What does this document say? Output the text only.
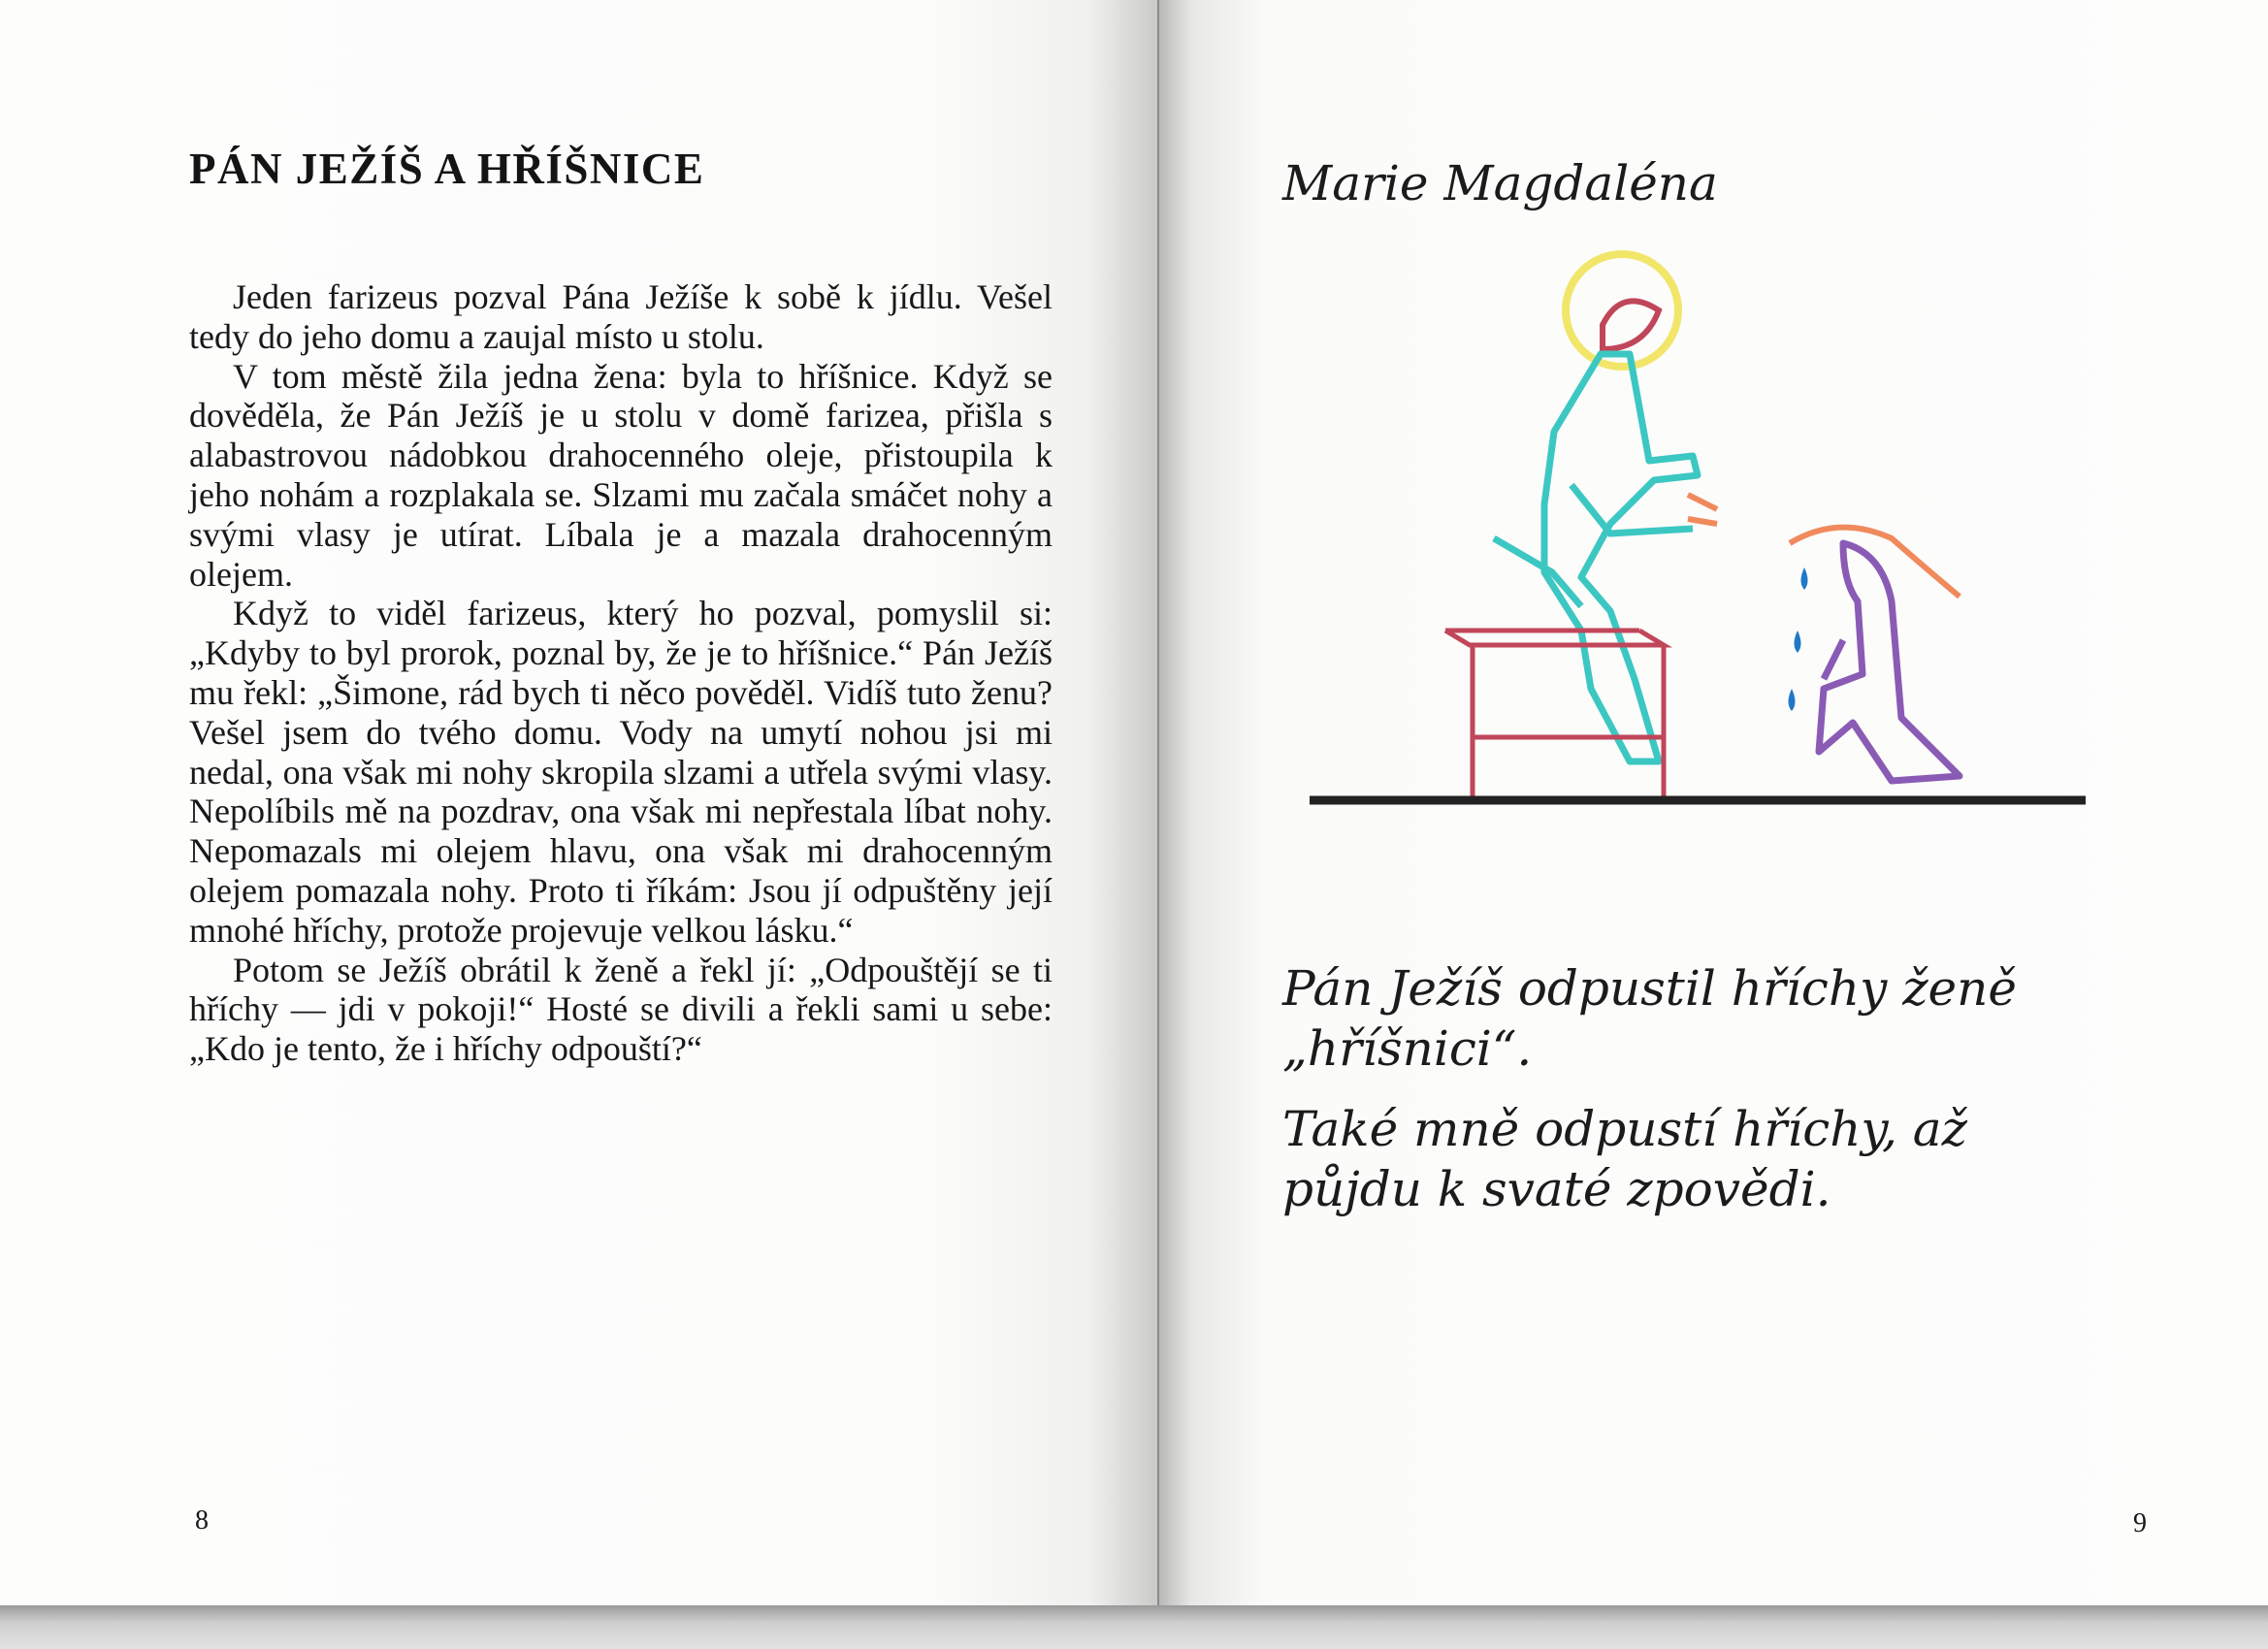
PÁN JEŽÍŠ A HŘÍŠNICE

Jeden farizeus pozval Pána Ježíše k sobě k jídlu. Vešel tedy do jeho domu a zaujal místo u stolu.

V tom městě žila jedna žena: byla to hříšnice. Když se dověděla, že Pán Ježíš je u stolu v domě farizea, přišla s alabastrovou nádobkou drahocenného oleje, přistoupila k jeho nohám a rozplakala se. Slzami mu začala smáčet nohy a svými vlasy je utírat. Líbala je a mazala drahocenným olejem.

Když to viděl farizeus, který ho pozval, pomyslil si: „Kdyby to byl prorok, poznal by, že je to hříšnice.“ Pán Ježíš mu řekl: „Šimone, rád bych ti něco pověděl. Vidíš tuto ženu? Vešel jsem do tvého domu. Vody na umytí nohou jsi mi nedal, ona však mi nohy skropila slzami a utřela svými vlasy. Nepolíbils mě na pozdrav, ona však mi nepřestala líbat nohy. Nepomazals mi olejem hlavu, ona však mi drahocenným olejem pomazala nohy. Proto ti říkám: Jsou jí odpuštěny její mnohé hříchy, protože projevuje velkou lásku.“

Potom se Ježíš obrátil k ženě a řekl jí: „Odpouštějí se ti hříchy — jdi v pokoji!“ Hosté se divili a řekli sami u sebe: „Kdo je tento, že i hříchy odpouští?“

8
Marie Magdaléna
Pán Ježíš odpustil hříchy ženě
„hříšnici“.
Také mně odpustí hříchy, až
půjdu k svaté zpovědi.
9
